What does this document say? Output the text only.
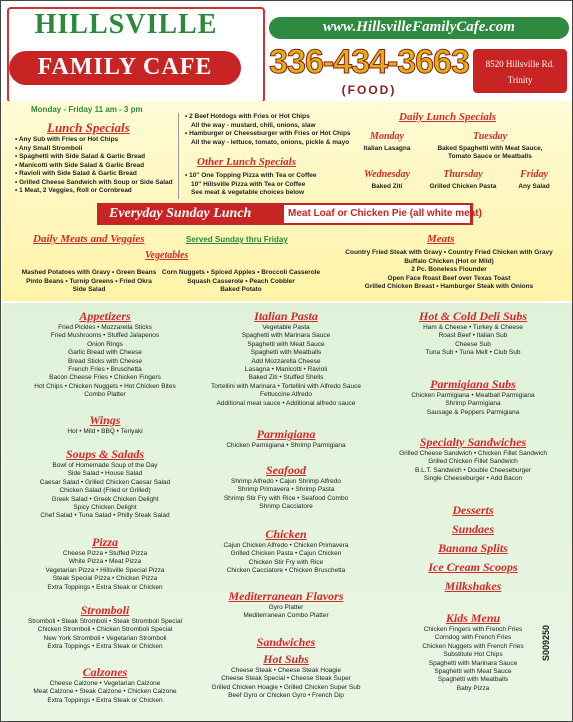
HILLSVILLE
FAMILY CAFE
www.HillsvilleFamilyCafe.com
336-434-3663
(FOOD)
8520 Hillsville Rd.
Trinity
Monday - Friday 11 am - 3 pm
Lunch Specials
• Any Sub with Fries or Hot Chips
• Any Small Stromboli
• Spaghetti with Side Salad & Garlic Bread
• Manicotti with Side Salad & Garlic Bread
• Ravioli with Side Salad & Garlic Bread
• Grilled Cheese Sandwich with Soup or Side Salad
• 1 Meat, 2 Veggies, Roll or Cornbread
• 2 Beef Hotdogs with Fries or Hot Chips
All the way - mustard, chili, onions, slaw
• Hamburger or Cheeseburger with Fries or Hot Chips
All the way - lettuce, tomato, onions, pickle & mayo
Other Lunch Specials
• 10" One Topping Pizza with Tea or Coffee
10" Hillsville Pizza with Tea or Coffee
See meat & vegetable choices below
Daily Lunch Specials
Monday
Italian Lasagna
Tuesday
Baked Spaghetti with Meat Sauce, Tomato Sauce or Meatballs
Wednesday
Baked Ziti
Thursday
Grilled Chicken Pasta
Friday
Any Salad
Everyday Sunday Lunch	Meat Loaf or Chicken Pie (all white meat)
Daily Meats and Veggies	Served Sunday thru Friday
Vegetables
Mashed Potatoes with Gravy • Green Beans
Pinto Beans • Turnip Greens • Fried Okra
Side Salad
Corn Nuggets • Spiced Apples • Broccoli Casserole
Squash Casserole • Peach Cobbler
Baked Potato
Meats
Country Fried Steak with Gravy • Country Fried Chicken with Gravy
Buffalo Chicken (Hot or Mild)
2 Pc. Boneless Flounder
Open Face Roast Beef over Texas Toast
Grilled Chicken Breast • Hamburger Steak with Onions
Appetizers
Fried Pickles • Mozzarella Sticks
Fried Mushrooms • Stuffed Jalapenos
Onion Rings
Garlic Bread with Cheese
Bread Sticks with Cheese
French Fries • Bruschetta
Bacon Cheese Fries • Chicken Fingers
Hot Chips • Chicken Nuggets • Hot Chicken Bites
Combo Platter
Wings
Hot • Mild • BBQ • Teriyaki
Soups & Salads
Bowl of Homemade Soup of the Day
Side Salad • House Salad
Caesar Salad • Grilled Chicken Caesar Salad
Chicken Salad (Fried or Grilled)
Greek Salad • Greek Chicken Delight
Spicy Chicken Delight
Chef Salad • Tuna Salad • Philly Steak Salad
Pizza
Cheese Pizza • Stuffed Pizza
White Pizza • Meat Pizza
Vegetarian Pizza • Hillsville Special Pizza
Steak Special Pizza • Chicken Pizza
Extra Toppings • Extra Steak or Chicken
Stromboli
Stromboli • Steak Stromboli • Steak Stromboli Special
Chicken Stromboli • Chicken Stromboli Special
New York Stromboli • Vegetarian Stromboli
Extra Toppings • Extra Steak or Chicken
Calzones
Cheese Calzone • Vegetarian Calzone
Meat Calzone • Steak Calzone • Chicken Calzone
Extra Toppings • Extra Steak or Chicken
Italian Pasta
Vegetable Pasta
Spaghetti with Marinara Sauce
Spaghetti with Meat Sauce
Spaghetti with Meatballs
Add Mozzarella Cheese
Lasagna • Manicotti • Ravioli
Baked Ziti • Stuffed Shells
Tortellini with Marinara • Tortellini with Alfredo Sauce
Fettuccine Alfredo
Additional meat sauce • Additional alfredo sauce
Parmigiana
Chicken Parmigiana • Shrimp Parmigiana
Seafood
Shrimp Alfredo • Cajun Shrimp Alfredo
Shrimp Primavera • Shrimp Pasta
Shrimp Stir Fry with Rice • Seafood Combo
Shrimp Cacciatore
Chicken
Cajun Chicken Alfredo • Chicken Primavera
Grilled Chicken Pasta • Cajun Chicken
Chicken Stir Fry with Rice
Chicken Cacciatore • Chicken Bruschetta
Mediterranean Flavors
Gyro Platter
Mediterranean Combo Platter
Sandwiches
Hot Subs
Cheese Steak • Cheese Steak Hoagie
Cheese Steak Special • Cheese Steak Super
Grilled Chicken Hoagie • Grilled Chicken Super Sub
Beef Gyro or Chicken Gyro • French Dip
Hot & Cold Deli Subs
Ham & Cheese • Turkey & Cheese
Roast Beef • Italian Sub
Cheese Sub
Tuna Sub • Tuna Melt • Club Sub
Parmigiana Subs
Chicken Parmigiana • Meatball Parmigiana
Shrimp Parmigiana
Sausage & Peppers Parmigiana
Specialty Sandwiches
Grilled Cheese Sandwich • Chicken Fillet Sandwich
Grilled Chicken Fillet Sandwich
B.L.T. Sandwich • Double Cheeseburger
Single Cheeseburger • Add Bacon
Desserts
Sundaes
Banana Splits
Ice Cream Scoops
Milkshakes
Kids Menu
Chicken Fingers with French Fries
Corndog with French Fries
Chicken Nuggets with French Fries
Substitute Hot Chips
Spaghetti with Marinara Sauce
Spaghetti with Meat Sauce
Spaghetti with Meatballs
Baby Pizza
S009250
